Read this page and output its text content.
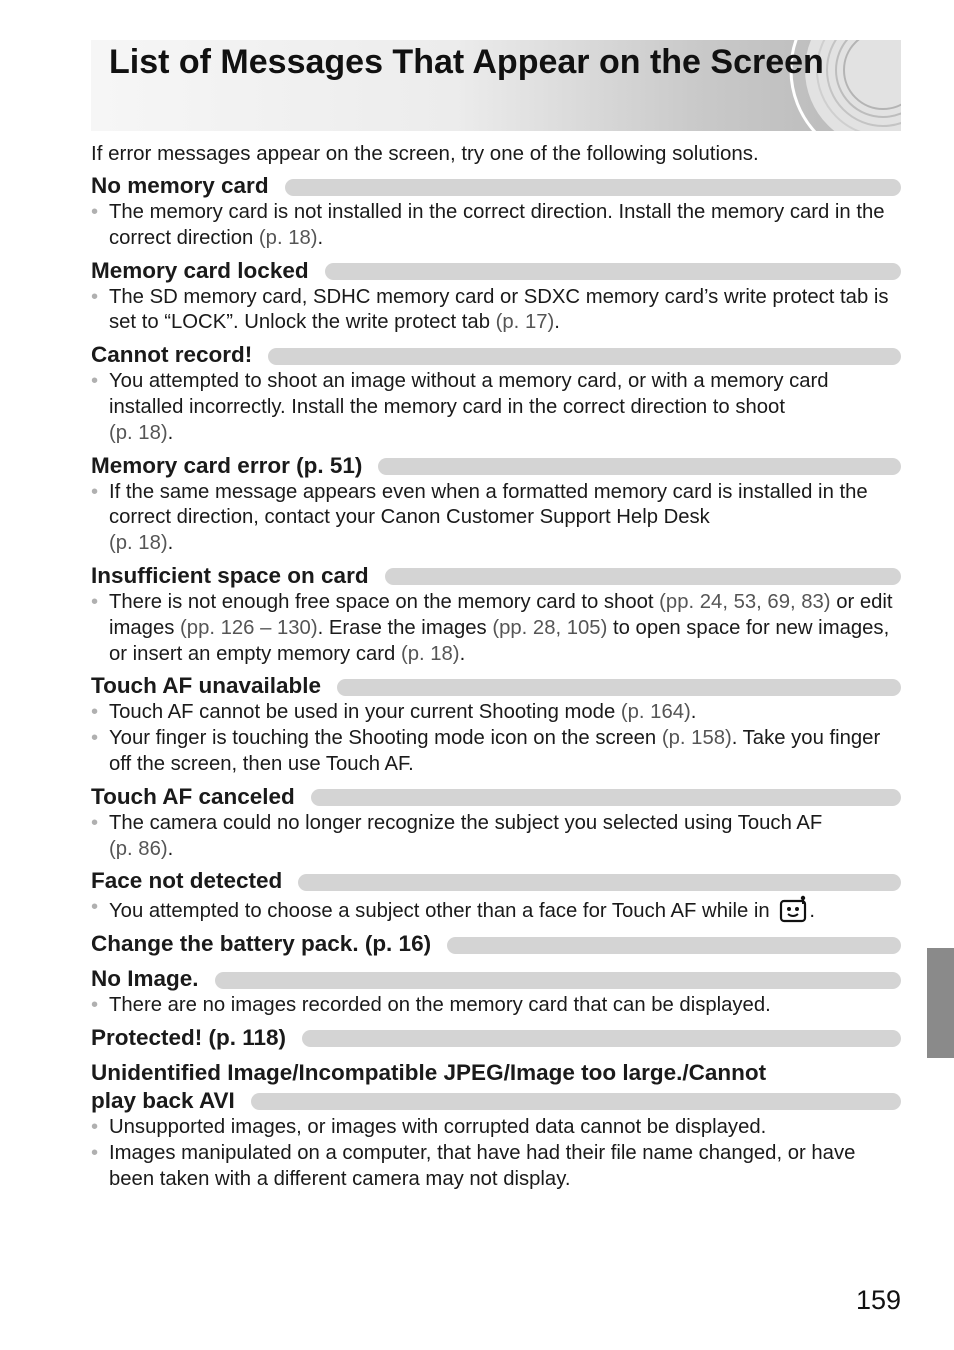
List of Messages That Appear on the Screen

If error messages appear on the screen, try one of the following solutions.

No memory card
• The memory card is not installed in the correct direction. Install the memory card in the correct direction (p. 18).
Memory card locked
• The SD memory card, SDHC memory card or SDXC memory card’s write protect tab is set to “LOCK”. Unlock the write protect tab (p. 17).
Cannot record!
• You attempted to shoot an image without a memory card, or with a memory card installed incorrectly. Install the memory card in the correct direction to shoot
(p. 18).
Memory card error (p. 51)
• If the same message appears even when a formatted memory card is installed in the correct direction, contact your Canon Customer Support Help Desk
(p. 18).
Insufficient space on card
• There is not enough free space on the memory card to shoot (pp. 24, 53, 69, 83) or edit images (pp. 126 – 130). Erase the images (pp. 28, 105) to open space for new images, or insert an empty memory card (p. 18).
Touch AF unavailable
• Touch AF cannot be used in your current Shooting mode (p. 164).
• Your finger is touching the Shooting mode icon on the screen (p. 158). Take you finger off the screen, then use Touch AF.
Touch AF canceled
• The camera could no longer recognize the subject you selected using Touch AF
(p. 86).
Face not detected
• You attempted to choose a subject other than a face for Touch AF while in .
Change the battery pack. (p. 16)
No Image.
• There are no images recorded on the memory card that can be displayed.
Protected! (p. 118)
Unidentified Image/Incompatible JPEG/Image too large./Cannot
play back AVI
• Unsupported images, or images with corrupted data cannot be displayed.
• Images manipulated on a computer, that have had their file name changed, or have been taken with a different camera may not display.
159
